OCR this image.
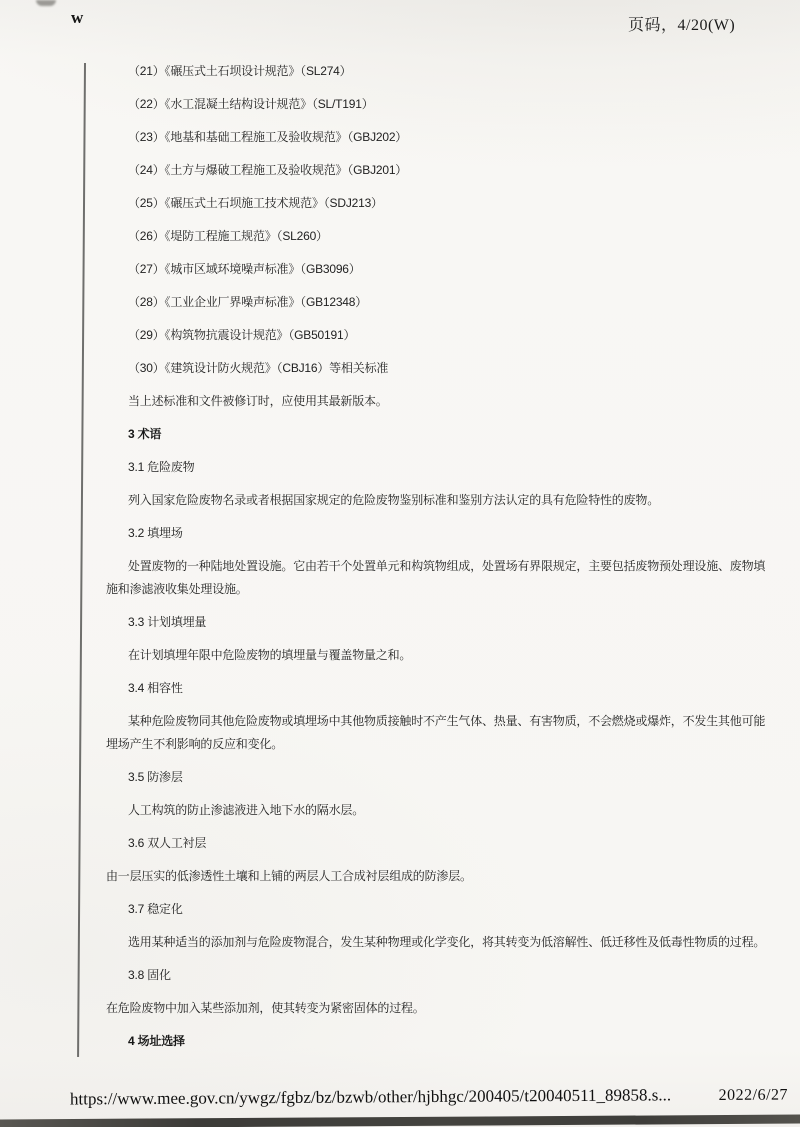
w	页码，4/20(W)
（21）《碾压式土石坝设计规范》（SL274）
（22）《水工混凝土结构设计规范》（SL/T191）
（23）《地基和基础工程施工及验收规范》（GBJ202）
（24）《土方与爆破工程施工及验收规范》（GBJ201）
（25）《碾压式土石坝施工技术规范》（SDJ213）
（26）《堤防工程施工规范》（SL260）
（27）《城市区域环境噪声标准》（GB3096）
（28）《工业企业厂界噪声标准》（GB12348）
（29）《构筑物抗震设计规范》（GB50191）
（30）《建筑设计防火规范》（CBJ16）等相关标准
当上述标准和文件被修订时，应使用其最新版本。
3 术语
3.1 危险废物
列入国家危险废物名录或者根据国家规定的危险废物鉴别标准和鉴别方法认定的具有危险特性的废物。
3.2 填埋场
处置废物的一种陆地处置设施。它由若干个处置单元和构筑物组成，处置场有界限规定，主要包括废物预处理设施、废物填
施和渗滤液收集处理设施。
3.3 计划填埋量
在计划填埋年限中危险废物的填埋量与覆盖物量之和。
3.4 相容性
某种危险废物同其他危险废物或填埋场中其他物质接触时不产生气体、热量、有害物质，不会燃烧或爆炸，不发生其他可能
埋场产生不利影响的反应和变化。
3.5 防渗层
人工构筑的防止渗滤液进入地下水的隔水层。
3.6 双人工衬层
由一层压实的低渗透性土壤和上铺的两层人工合成衬层组成的防渗层。
3.7 稳定化
选用某种适当的添加剂与危险废物混合，发生某种物理或化学变化，将其转变为低溶解性、低迁移性及低毒性物质的过程。
3.8 固化
在危险废物中加入某些添加剂，使其转变为紧密固体的过程。
4 场址选择
https://www.mee.gov.cn/ywgz/fgbz/bz/bzwb/other/hjbhgc/200405/t20040511_89858.s...	2022/6/27
